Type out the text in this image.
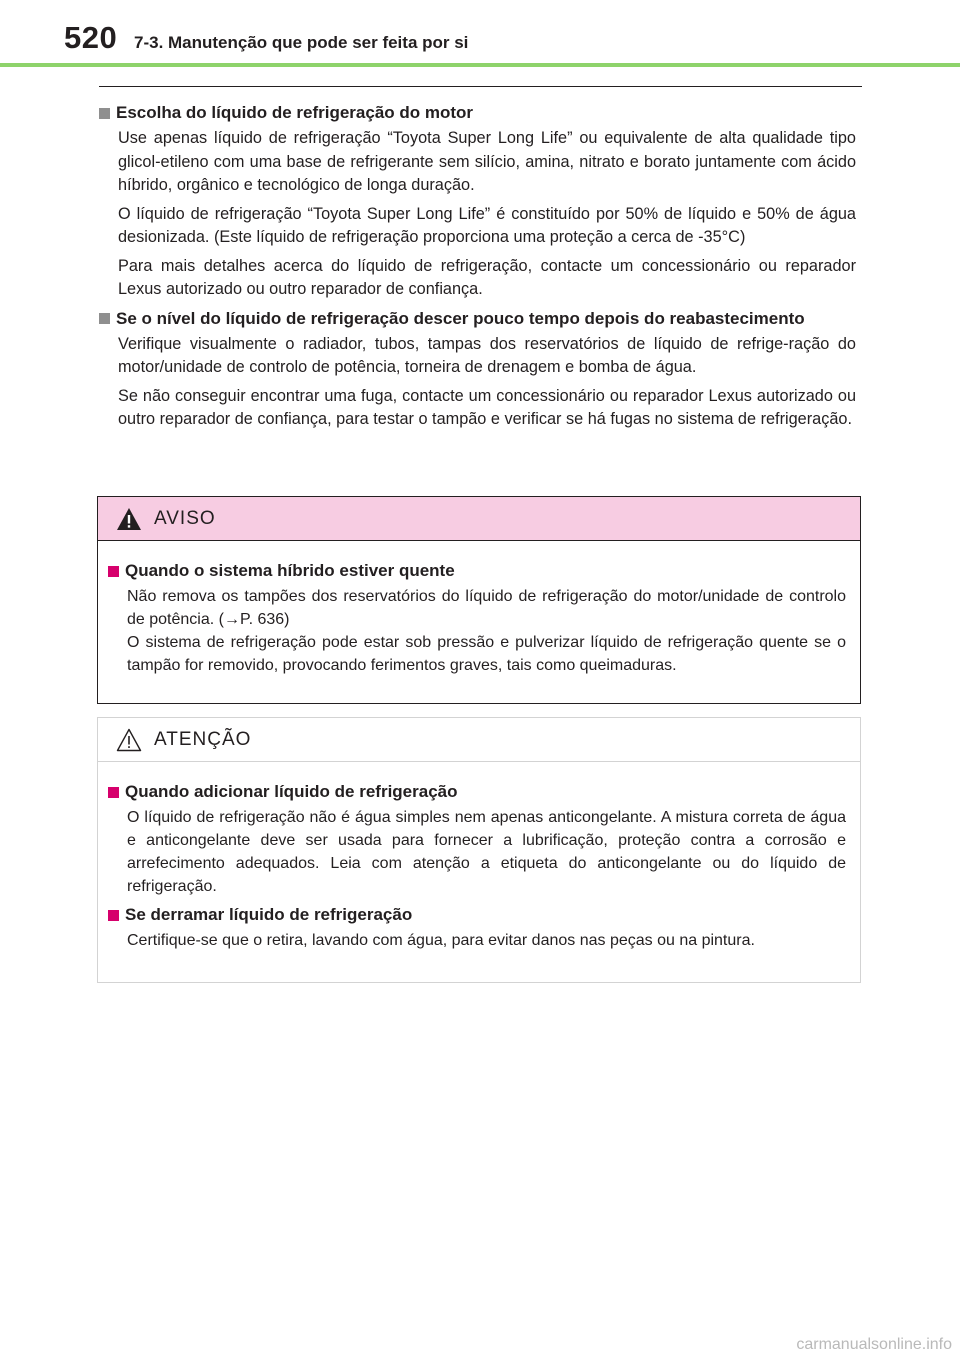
520 7-3. Manutenção que pode ser feita por si
Escolha do líquido de refrigeração do motor

Use apenas líquido de refrigeração “Toyota Super Long Life” ou equivalente de alta qualidade tipo glicol-etileno com uma base de refrigerante sem silício, amina, nitrato e borato juntamente com ácido híbrido, orgânico e tecnológico de longa duração.

O líquido de refrigeração “Toyota Super Long Life” é constituído por 50% de líquido e 50% de água desionizada. (Este líquido de refrigeração proporciona uma proteção a cerca de -35°C)

Para mais detalhes acerca do líquido de refrigeração, contacte um concessionário ou reparador Lexus autorizado ou outro reparador de confiança.

Se o nível do líquido de refrigeração descer pouco tempo depois do reabastecimento

Verifique visualmente o radiador, tubos, tampas dos reservatórios de líquido de refrige-ração do motor/unidade de controlo de potência, torneira de drenagem e bomba de água.

Se não conseguir encontrar uma fuga, contacte um concessionário ou reparador Lexus autorizado ou outro reparador de confiança, para testar o tampão e verificar se há fugas no sistema de refrigeração.

AVISO
Quando o sistema híbrido estiver quente

Não remova os tampões dos reservatórios do líquido de refrigeração do motor/unidade de controlo de potência. (→P. 636)

O sistema de refrigeração pode estar sob pressão e pulverizar líquido de refrigeração quente se o tampão for removido, provocando ferimentos graves, tais como queimaduras.

ATENÇÃO
Quando adicionar líquido de refrigeração

O líquido de refrigeração não é água simples nem apenas anticongelante. A mistura correta de água e anticongelante deve ser usada para fornecer a lubrificação, proteção contra a corrosão e arrefecimento adequados. Leia com atenção a etiqueta do anticongelante ou do líquido de refrigeração.

Se derramar líquido de refrigeração

Certifique-se que o retira, lavando com água, para evitar danos nas peças ou na pintura.

carmanualsonline.info
